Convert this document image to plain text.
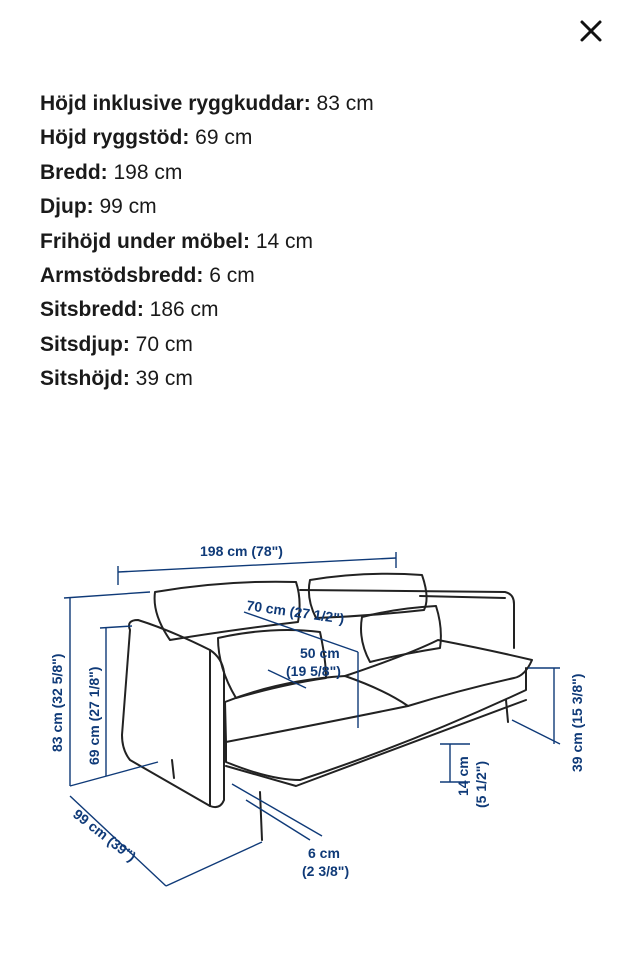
Höjd inklusive ryggkuddar: 83 cm
Höjd ryggstöd: 69 cm
Bredd: 198 cm
Djup: 99 cm
Frihöjd under möbel: 14 cm
Armstödsbredd: 6 cm
Sitsbredd: 186 cm
Sitsdjup: 70 cm
Sitshöjd: 39 cm
198 cm (78")
83 cm (32 5/8") 69 cm (27 1/8")
99 cm (39")
70 cm (27 1/2")
50 cm
(19 5/8")
14 cm (5 1/2")
6 cm
(2 3/8")
39 cm (15 3/8")
